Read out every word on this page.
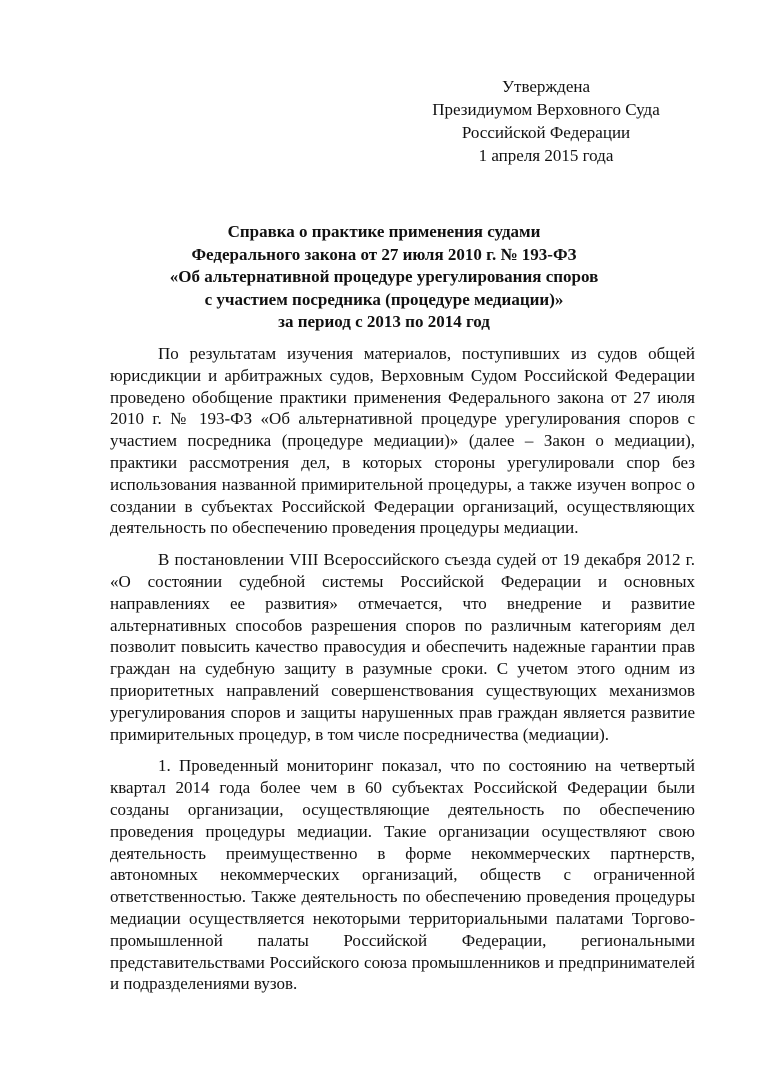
Утверждена
Президиумом Верховного Суда
Российской Федерации
1 апреля 2015 года
Справка о практике применения судами
Федерального закона от 27 июля 2010 г. № 193-ФЗ
«Об альтернативной процедуре урегулирования споров
с участием посредника (процедуре медиации)»
за период с 2013 по 2014 год

По результатам изучения материалов, поступивших из судов общей юрисдикции и арбитражных судов, Верховным Судом Российской Федерации проведено обобщение практики применения Федерального закона от 27 июля 2010 г. № 193-ФЗ «Об альтернативной процедуре урегулирования споров с участием посредника (процедуре медиации)» (далее – Закон о медиации), практики рассмотрения дел, в которых стороны урегулировали спор без использования названной примирительной процедуры, а также изучен вопрос о создании в субъектах Российской Федерации организаций, осуществляющих деятельность по обеспечению проведения процедуры медиации.

В постановлении VIII Всероссийского съезда судей от 19 декабря 2012 г. «О состоянии судебной системы Российской Федерации и основных направлениях ее развития» отмечается, что внедрение и развитие альтернативных способов разрешения споров по различным категориям дел позволит повысить качество правосудия и обеспечить надежные гарантии прав граждан на судебную защиту в разумные сроки. С учетом этого одним из приоритетных направлений совершенствования существующих механизмов урегулирования споров и защиты нарушенных прав граждан является развитие примирительных процедур, в том числе посредничества (медиации).

1. Проведенный мониторинг показал, что по состоянию на четвертый квартал 2014 года более чем в 60 субъектах Российской Федерации были созданы организации, осуществляющие деятельность по обеспечению проведения процедуры медиации. Такие организации осуществляют свою деятельность преимущественно в форме некоммерческих партнерств, автономных некоммерческих организаций, обществ с ограниченной ответственностью. Также деятельность по обеспечению проведения процедуры медиации осуществляется некоторыми территориальными палатами Торгово-промышленной палаты Российской Федерации, региональными представительствами Российского союза промышленников и предпринимателей и подразделениями вузов.
